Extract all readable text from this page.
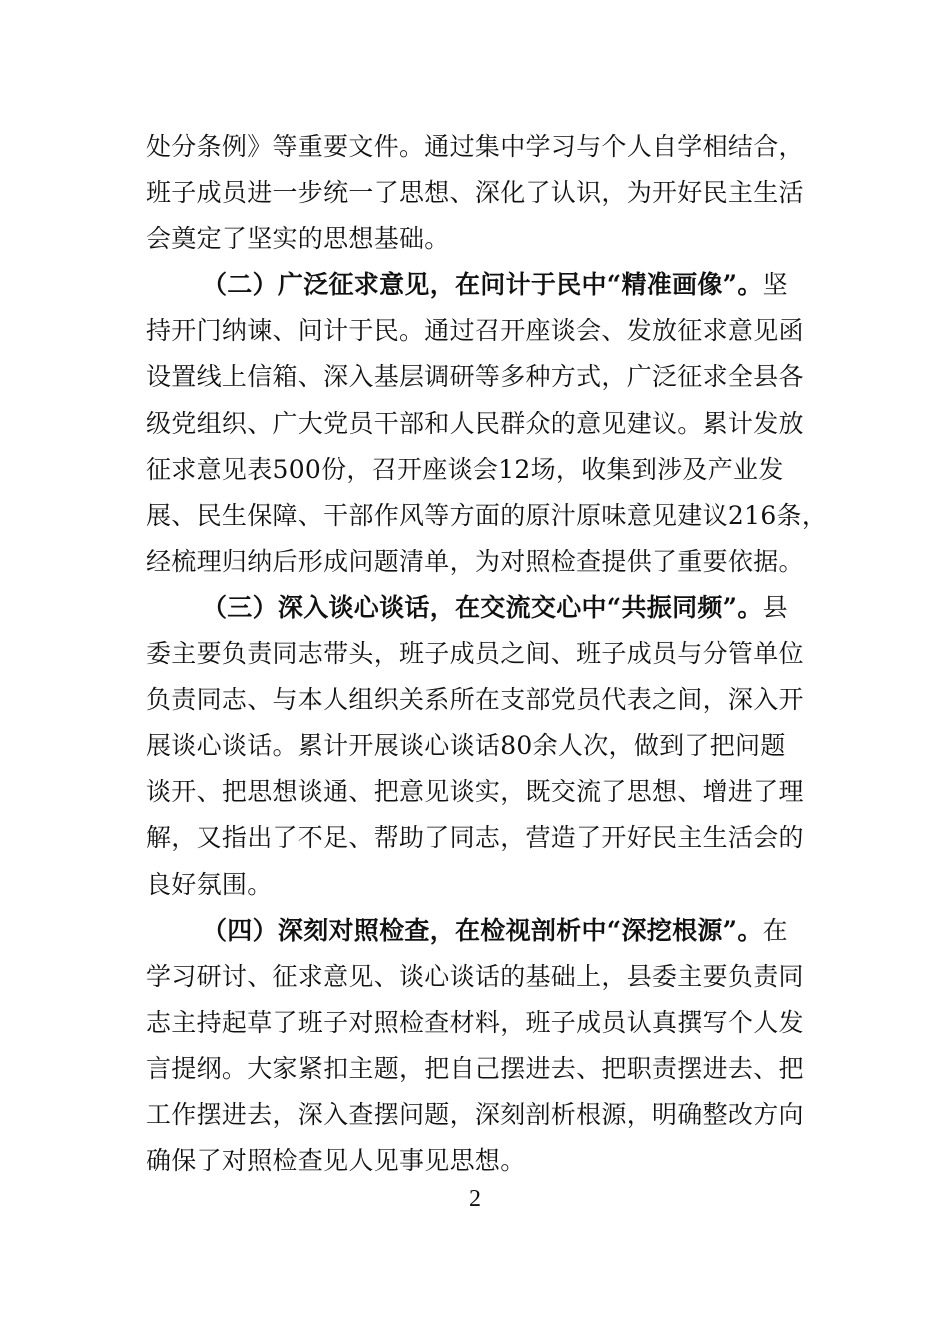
处分条例》等重要文件。通过集中学习与个人自学相结合，
班子成员进一步统一了思想、深化了认识，为开好民主生活
会奠定了坚实的思想基础。
（二）广泛征求意见，在问计于民中“精准画像”。坚
持开门纳谏、问计于民。通过召开座谈会、发放征求意见函
设置线上信箱、深入基层调研等多种方式，广泛征求全县各
级党组织、广大党员干部和人民群众的意见建议。累计发放
征求意见表500份，召开座谈会12场，收集到涉及产业发
展、民生保障、干部作风等方面的原汁原味意见建议216条，
经梳理归纳后形成问题清单，为对照检查提供了重要依据。
（三）深入谈心谈话，在交流交心中“共振同频”。县
委主要负责同志带头，班子成员之间、班子成员与分管单位
负责同志、与本人组织关系所在支部党员代表之间，深入开
展谈心谈话。累计开展谈心谈话80余人次，做到了把问题
谈开、把思想谈通、把意见谈实，既交流了思想、增进了理
解，又指出了不足、帮助了同志，营造了开好民主生活会的
良好氛围。
（四）深刻对照检查，在检视剖析中“深挖根源”。在
学习研讨、征求意见、谈心谈话的基础上，县委主要负责同
志主持起草了班子对照检查材料，班子成员认真撰写个人发
言提纲。大家紧扣主题，把自己摆进去、把职责摆进去、把
工作摆进去，深入查摆问题，深刻剖析根源，明确整改方向
确保了对照检查见人见事见思想。
2
